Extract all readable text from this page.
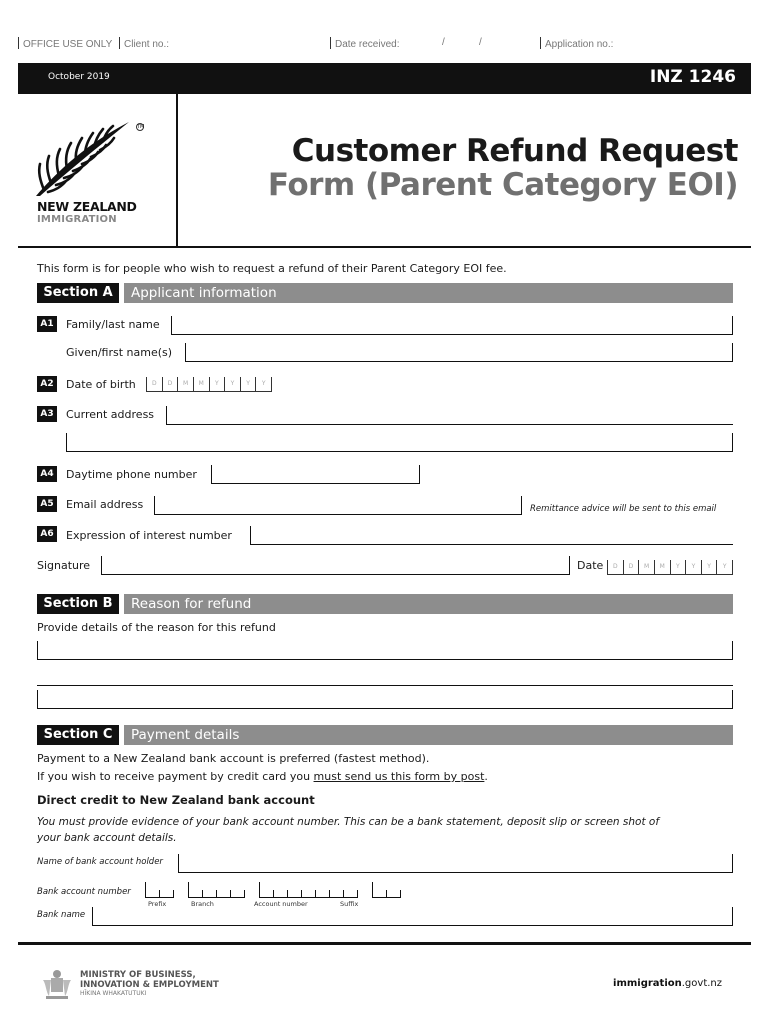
OFFICE USE ONLY	Client no.:	Date received:	/	/	Application no.:
October 2019	INZ 1246
TM
NEW ZEALAND
IMMIGRATION
Customer Refund Request
Form (Parent Category EOI)
This form is for people who wish to request a refund of their Parent Category EOI fee.
Section A	Applicant information
A1	Family/last name
Given/first name(s)
A2	Date of birth	D	D	M	M	Y	Y	Y	Y
A3	Current address
A4	Daytime phone number
A5	Email address	Remittance advice will be sent to this email
A6	Expression of interest number
Signature	Date	D	D	M	M	Y	Y	Y	Y
Section B	Reason for refund
Provide details of the reason for this refund
Section C	Payment details
Payment to a New Zealand bank account is preferred (fastest method).
If you wish to receive payment by credit card you must send us this form by post.
Direct credit to New Zealand bank account
You must provide evidence of your bank account number. This can be a bank statement, deposit slip or screen shot of
your bank account details.
Name of bank account holder
Bank account number
Prefix	Branch	Account number	Suffix
Bank name
MINISTRY OF BUSINESS,
INNOVATION & EMPLOYMENT
HĪKINA WHAKATUTUKI
immigration.govt.nz
